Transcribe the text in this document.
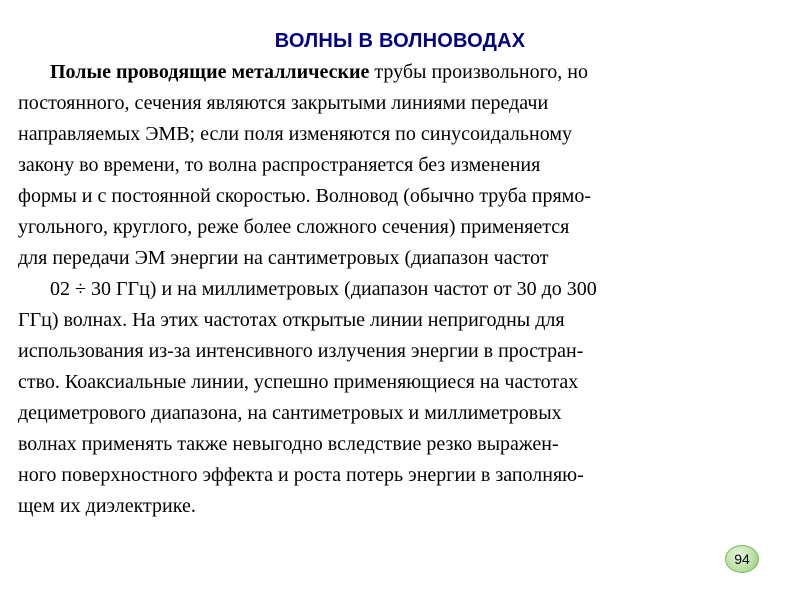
ВОЛНЫ В ВОЛНОВОДАХ
Полые проводящие металлические трубы произвольного, но
постоянного, сечения являются закрытыми линиями передачи
направляемых ЭМВ; если поля изменяются по синусоидальному
закону во времени, то волна распространяется без изменения
формы и с постоянной скоростью. Волновод (обычно труба прямо-
угольного, круглого, реже более сложного сечения) применяется
для передачи ЭМ энергии на сантиметровых (диапазон частот
02 ÷ 30 ГГц) и на миллиметровых (диапазон частот от 30 до 300
ГГц) волнах. На этих частотах открытые линии непригодны для
использования из-за интенсивного излучения энергии в простран-
ство. Коаксиальные линии, успешно применяющиеся на частотах
дециметрового диапазона, на сантиметровых и миллиметровых
волнах применять также невыгодно вследствие резко выражен-
ного поверхностного эффекта и роста потерь энергии в заполняю-
щем их диэлектрике.
94
